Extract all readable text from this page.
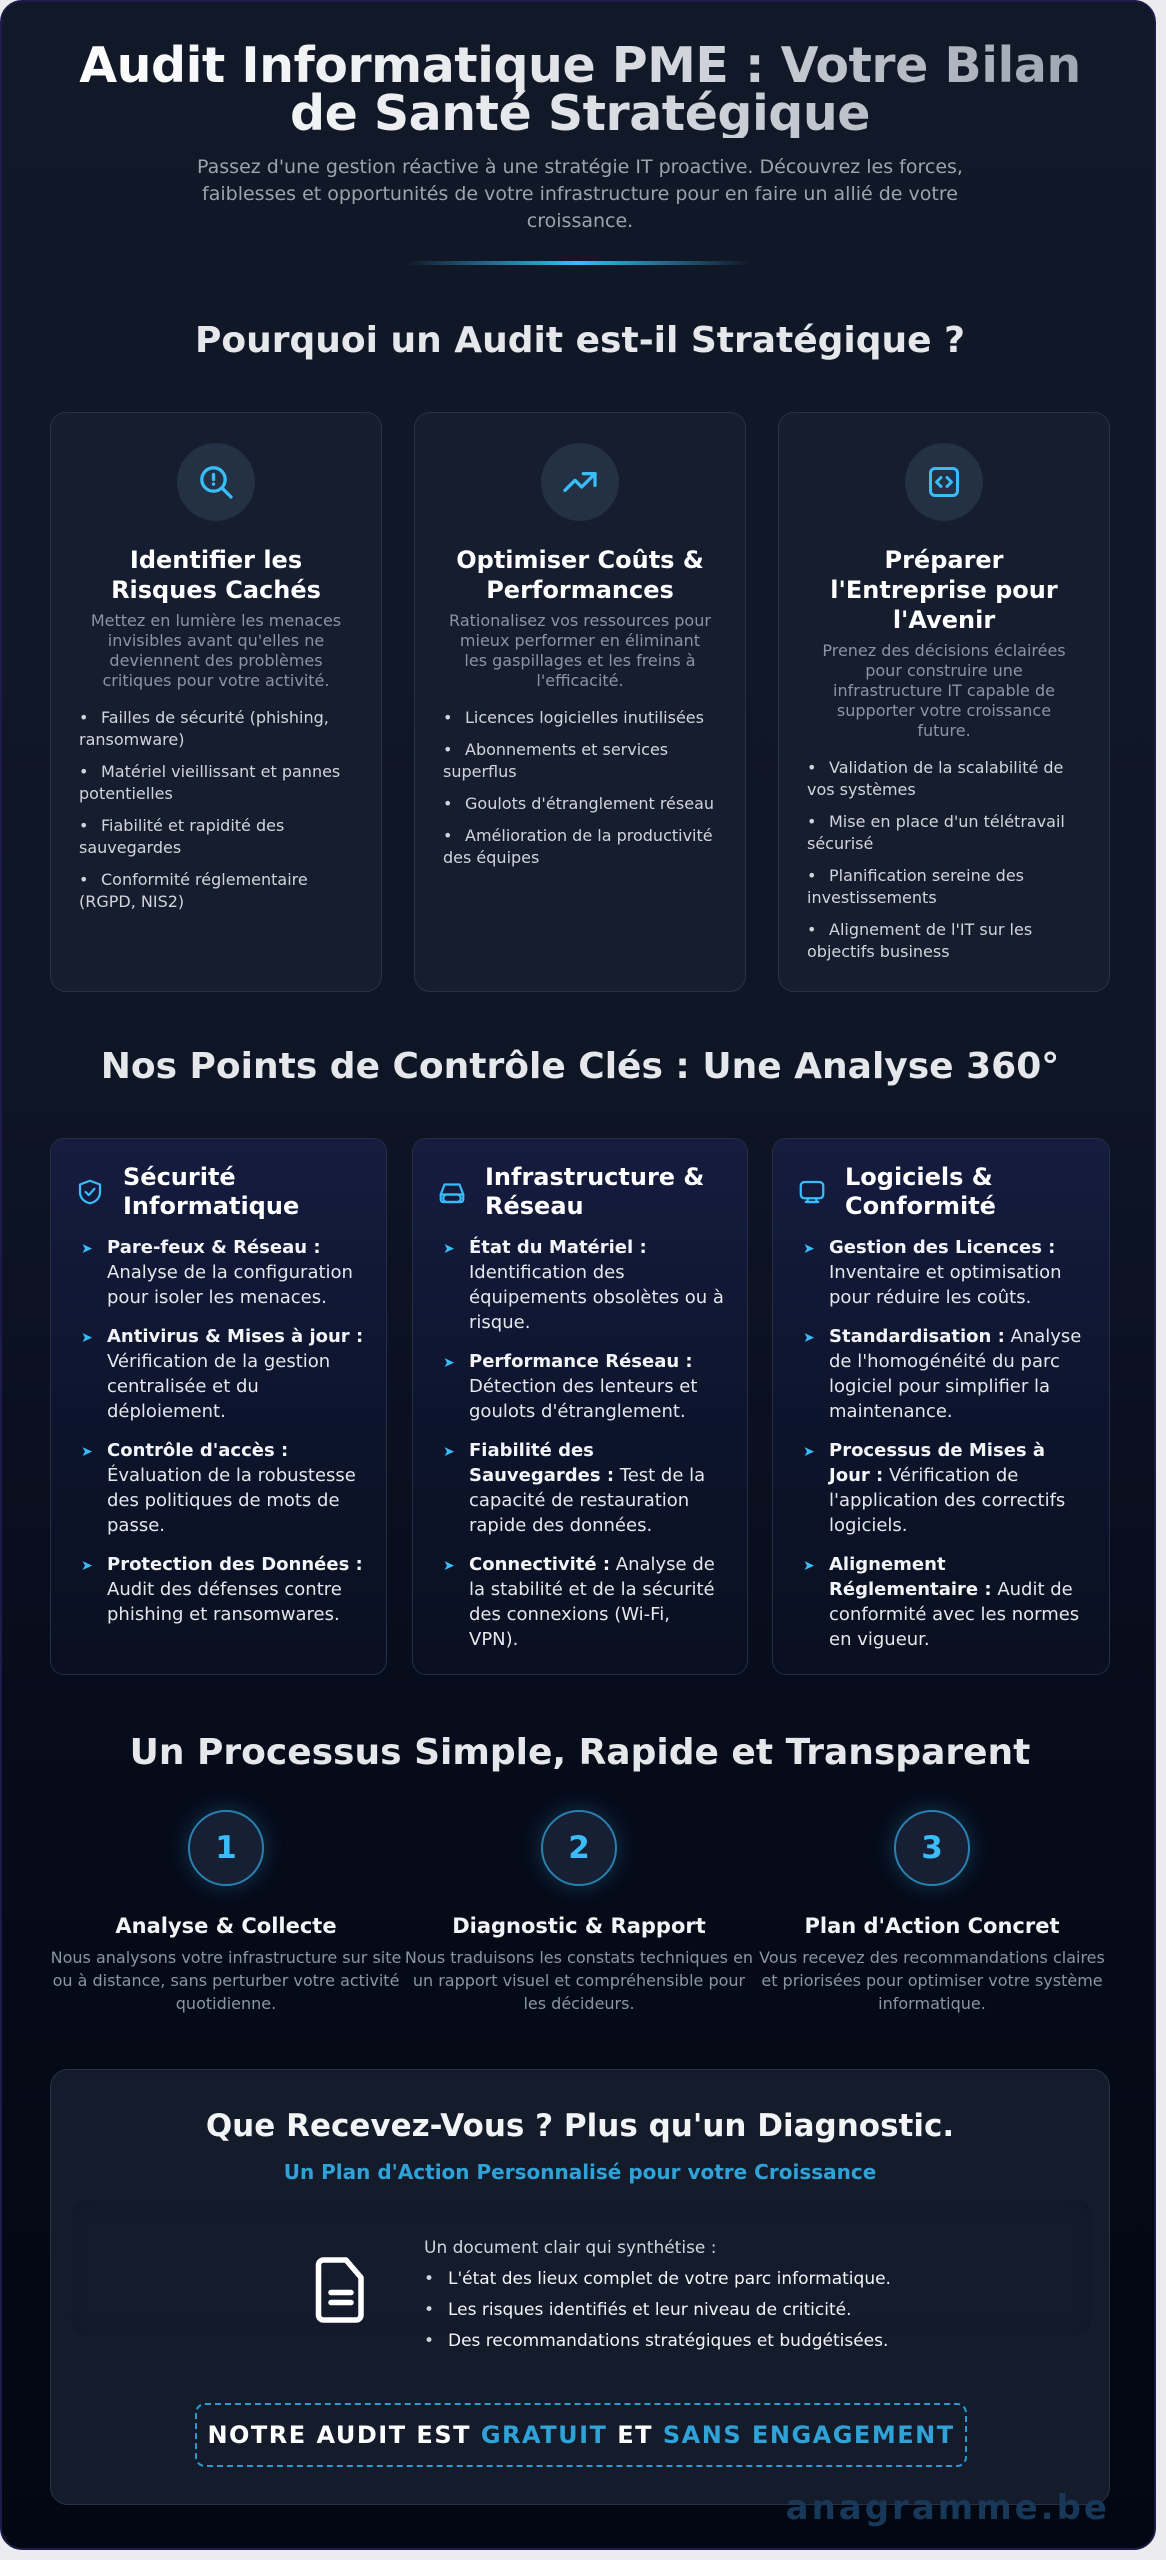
Audit Informatique PME : Votre Bilan de Santé Stratégique

Passez d'une gestion réactive à une stratégie IT proactive. Découvrez les forces, faiblesses et opportunités de votre infrastructure pour en faire un allié de votre croissance.

Pourquoi un Audit est-il Stratégique ?
Identifier les Risques Cachés

Mettez en lumière les menaces invisibles avant qu'elles ne deviennent des problèmes critiques pour votre activité.

• Failles de sécurité (phishing, ransomware)
• Matériel vieillissant et pannes potentielles
• Fiabilité et rapidité des sauvegardes
• Conformité réglementaire (RGPD, NIS2)
Optimiser Coûts & Performances

Rationalisez vos ressources pour mieux performer en éliminant les gaspillages et les freins à l'efficacité.

• Licences logicielles inutilisées
• Abonnements et services superflus
• Goulots d'étranglement réseau
• Amélioration de la productivité des équipes
Préparer l'Entreprise pour l'Avenir

Prenez des décisions éclairées pour construire une infrastructure IT capable de supporter votre croissance future.

• Validation de la scalabilité de vos systèmes
• Mise en place d'un télétravail sécurisé
• Planification sereine des investissements
• Alignement de l'IT sur les objectifs business
Nos Points de Contrôle Clés : Une Analyse 360°
Sécurité Informatique
➤ Pare-feux & Réseau : Analyse de la configuration pour isoler les menaces.
➤ Antivirus & Mises à jour : Vérification de la gestion centralisée et du déploiement.
➤ Contrôle d'accès : Évaluation de la robustesse des politiques de mots de passe.
➤ Protection des Données : Audit des défenses contre phishing et ransomwares.
Infrastructure & Réseau
➤ État du Matériel : Identification des équipements obsolètes ou à risque.
➤ Performance Réseau : Détection des lenteurs et goulots d'étranglement.
➤ Fiabilité des Sauvegardes : Test de la capacité de restauration rapide des données.
➤ Connectivité : Analyse de la stabilité et de la sécurité des connexions (Wi-Fi, VPN).
Logiciels & Conformité
➤ Gestion des Licences : Inventaire et optimisation pour réduire les coûts.
➤ Standardisation : Analyse de l'homogénéité du parc logiciel pour simplifier la maintenance.
➤ Processus de Mises à Jour : Vérification de l'application des correctifs logiciels.
➤ Alignement Réglementaire : Audit de conformité avec les normes en vigueur.
Un Processus Simple, Rapide et Transparent
1
Analyse & Collecte

Nous analysons votre infrastructure sur site ou à distance, sans perturber votre activité quotidienne.

2
Diagnostic & Rapport

Nous traduisons les constats techniques en un rapport visuel et compréhensible pour les décideurs.

3
Plan d'Action Concret

Vous recevez des recommandations claires et priorisées pour optimiser votre système informatique.

Que Recevez-Vous ? Plus qu'un Diagnostic.
Un Plan d'Action Personnalisé pour votre Croissance
Un document clair qui synthétise :
• L'état des lieux complet de votre parc informatique.
• Les risques identifiés et leur niveau de criticité.
• Des recommandations stratégiques et budgétisées.
NOTRE AUDIT EST GRATUIT ET SANS ENGAGEMENT
anagramme.be
